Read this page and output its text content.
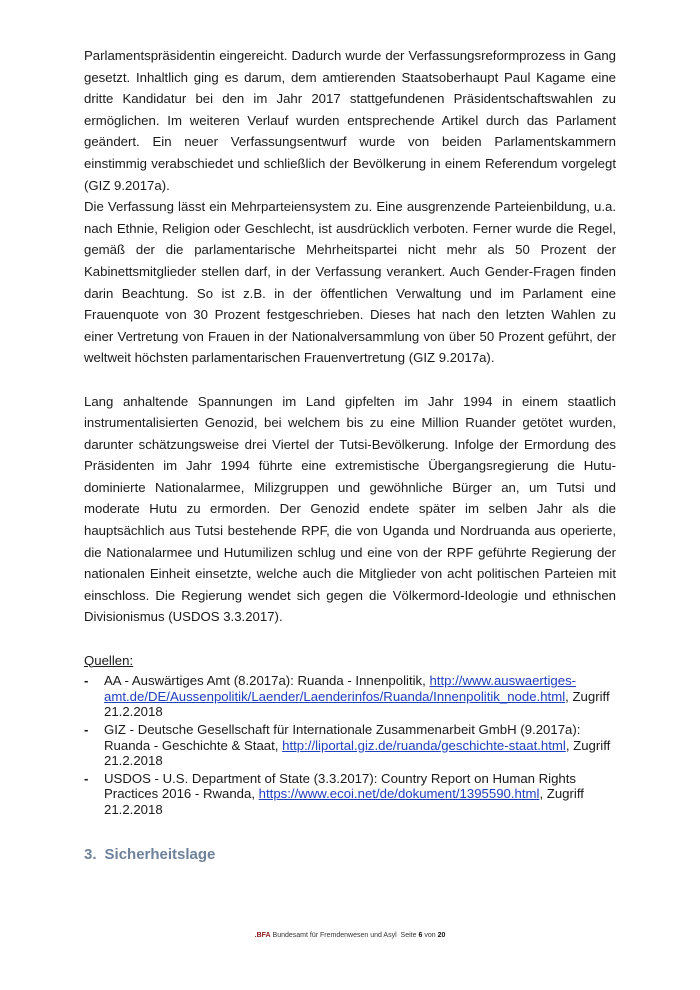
Parlamentspräsidentin eingereicht. Dadurch wurde der Verfassungsreformprozess in Gang gesetzt. Inhaltlich ging es darum, dem amtierenden Staatsoberhaupt Paul Kagame eine dritte Kandidatur bei den im Jahr 2017 stattgefundenen Präsidentschaftswahlen zu ermöglichen. Im weiteren Verlauf wurden entsprechende Artikel durch das Parlament geändert. Ein neuer Verfassungsentwurf wurde von beiden Parlamentskammern einstimmig verabschiedet und schließlich der Bevölkerung in einem Referendum vorgelegt (GIZ 9.2017a).

Die Verfassung lässt ein Mehrparteiensystem zu. Eine ausgrenzende Parteienbildung, u.a. nach Ethnie, Religion oder Geschlecht, ist ausdrücklich verboten. Ferner wurde die Regel, gemäß der die parlamentarische Mehrheitspartei nicht mehr als 50 Prozent der Kabinettsmitglieder stellen darf, in der Verfassung verankert. Auch Gender-Fragen finden darin Beachtung. So ist z.B. in der öffentlichen Verwaltung und im Parlament eine Frauenquote von 30 Prozent festgeschrieben. Dieses hat nach den letzten Wahlen zu einer Vertretung von Frauen in der Nationalversammlung von über 50 Prozent geführt, der weltweit höchsten parlamentarischen Frauenvertretung (GIZ 9.2017a).

Lang anhaltende Spannungen im Land gipfelten im Jahr 1994 in einem staatlich instrumentalisierten Genozid, bei welchem bis zu eine Million Ruander getötet wurden, darunter schätzungsweise drei Viertel der Tutsi-Bevölkerung. Infolge der Ermordung des Präsidenten im Jahr 1994 führte eine extremistische Übergangsregierung die Hutu-dominierte Nationalarmee, Milizgruppen und gewöhnliche Bürger an, um Tutsi und moderate Hutu zu ermorden. Der Genozid endete später im selben Jahr als die hauptsächlich aus Tutsi bestehende RPF, die von Uganda und Nordruanda aus operierte, die Nationalarmee und Hutumilizen schlug und eine von der RPF geführte Regierung der nationalen Einheit einsetzte, welche auch die Mitglieder von acht politischen Parteien mit einschloss. Die Regierung wendet sich gegen die Völkermord-Ideologie und ethnischen Divisionismus (USDOS 3.3.2017).

Quellen:
- AA - Auswärtiges Amt (8.2017a): Ruanda - Innenpolitik, http://www.auswaertiges-amt.de/DE/Aussenpolitik/Laender/Laenderinfos/Ruanda/Innenpolitik_node.html, Zugriff 21.2.2018
- GIZ - Deutsche Gesellschaft für Internationale Zusammenarbeit GmbH (9.2017a): Ruanda - Geschichte & Staat, http://liportal.giz.de/ruanda/geschichte-staat.html, Zugriff 21.2.2018
- USDOS - U.S. Department of State (3.3.2017): Country Report on Human Rights Practices 2016 - Rwanda, https://www.ecoi.net/de/dokument/1395590.html, Zugriff 21.2.2018
3. Sicherheitslage
.BFA Bundesamt für Fremdenwesen und Asyl Seite 6 von 20
